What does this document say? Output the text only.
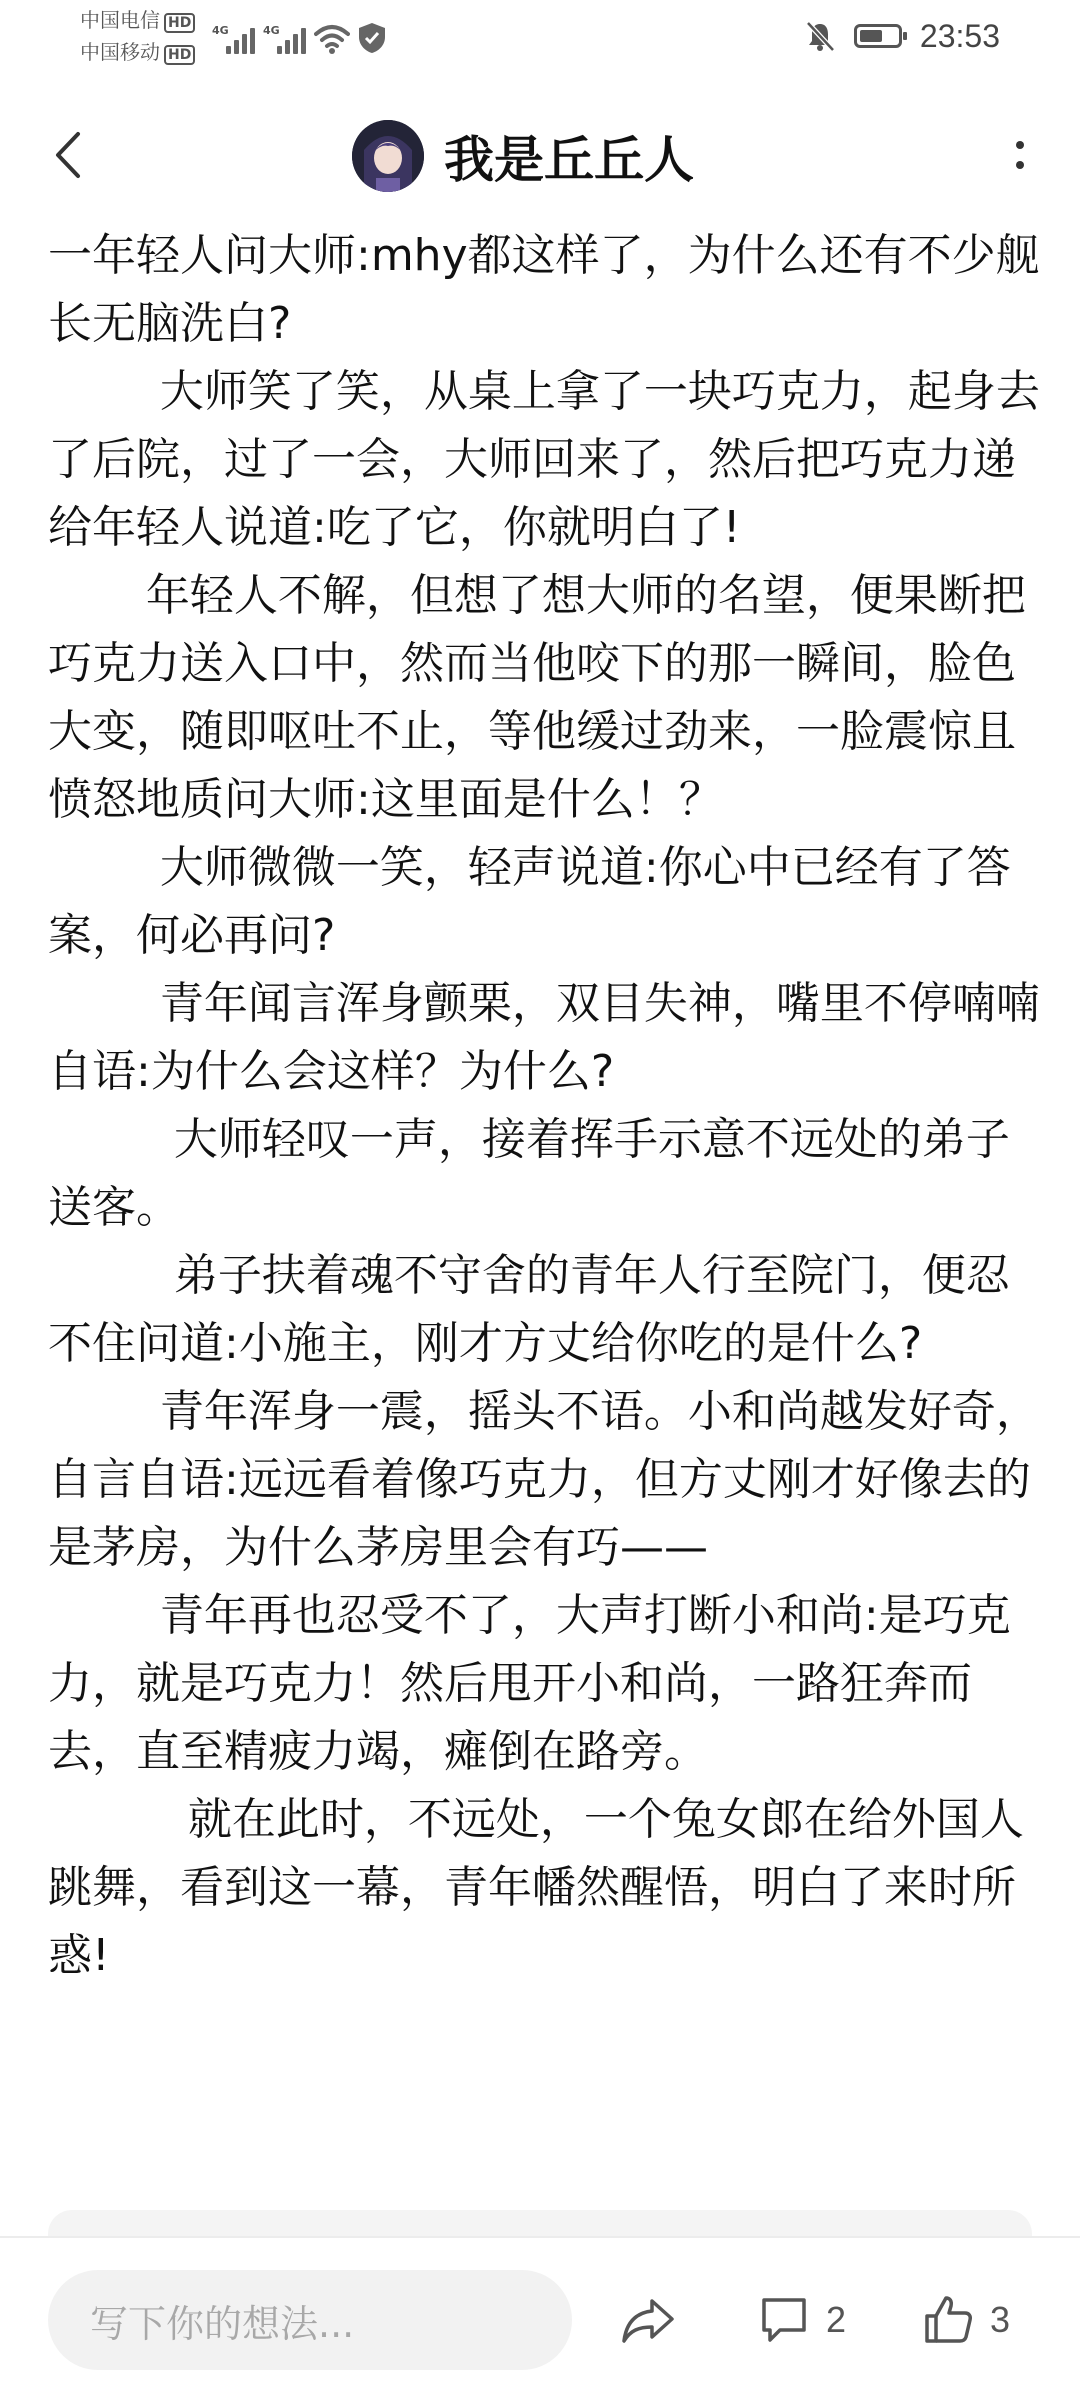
中国电信 HD
中国移动 HD
4G	4G	23:53
我是丘丘人

一年轻人问大师:mhy都这样了，为什么还有不少舰长无脑洗白?

大师笑了笑，从桌上拿了一块巧克力，起身去了后院，过了一会，大师回来了，然后把巧克力递给年轻人说道:吃了它，你就明白了!

年轻人不解，但想了想大师的名望，便果断把巧克力送入口中，然而当他咬下的那一瞬间，脸色大变，随即呕吐不止，等他缓过劲来，一脸震惊且愤怒地质问大师:这里面是什么！？

大师微微一笑，轻声说道:你心中已经有了答案，何必再问?

青年闻言浑身颤栗，双目失神，嘴里不停喃喃自语:为什么会这样？为什么?

大师轻叹一声，接着挥手示意不远处的弟子送客。

弟子扶着魂不守舍的青年人行至院门，便忍不住问道:小施主，刚才方丈给你吃的是什么?

青年浑身一震，摇头不语。小和尚越发好奇，自言自语:远远看着像巧克力，但方丈刚才好像去的是茅房，为什么茅房里会有巧——

青年再也忍受不了，大声打断小和尚:是巧克力，就是巧克力！然后甩开小和尚，一路狂奔而去，直至精疲力竭，瘫倒在路旁。

就在此时，不远处，一个兔女郎在给外国人跳舞，看到这一幕，青年幡然醒悟，明白了来时所惑!

写下你的想法...	2	3
